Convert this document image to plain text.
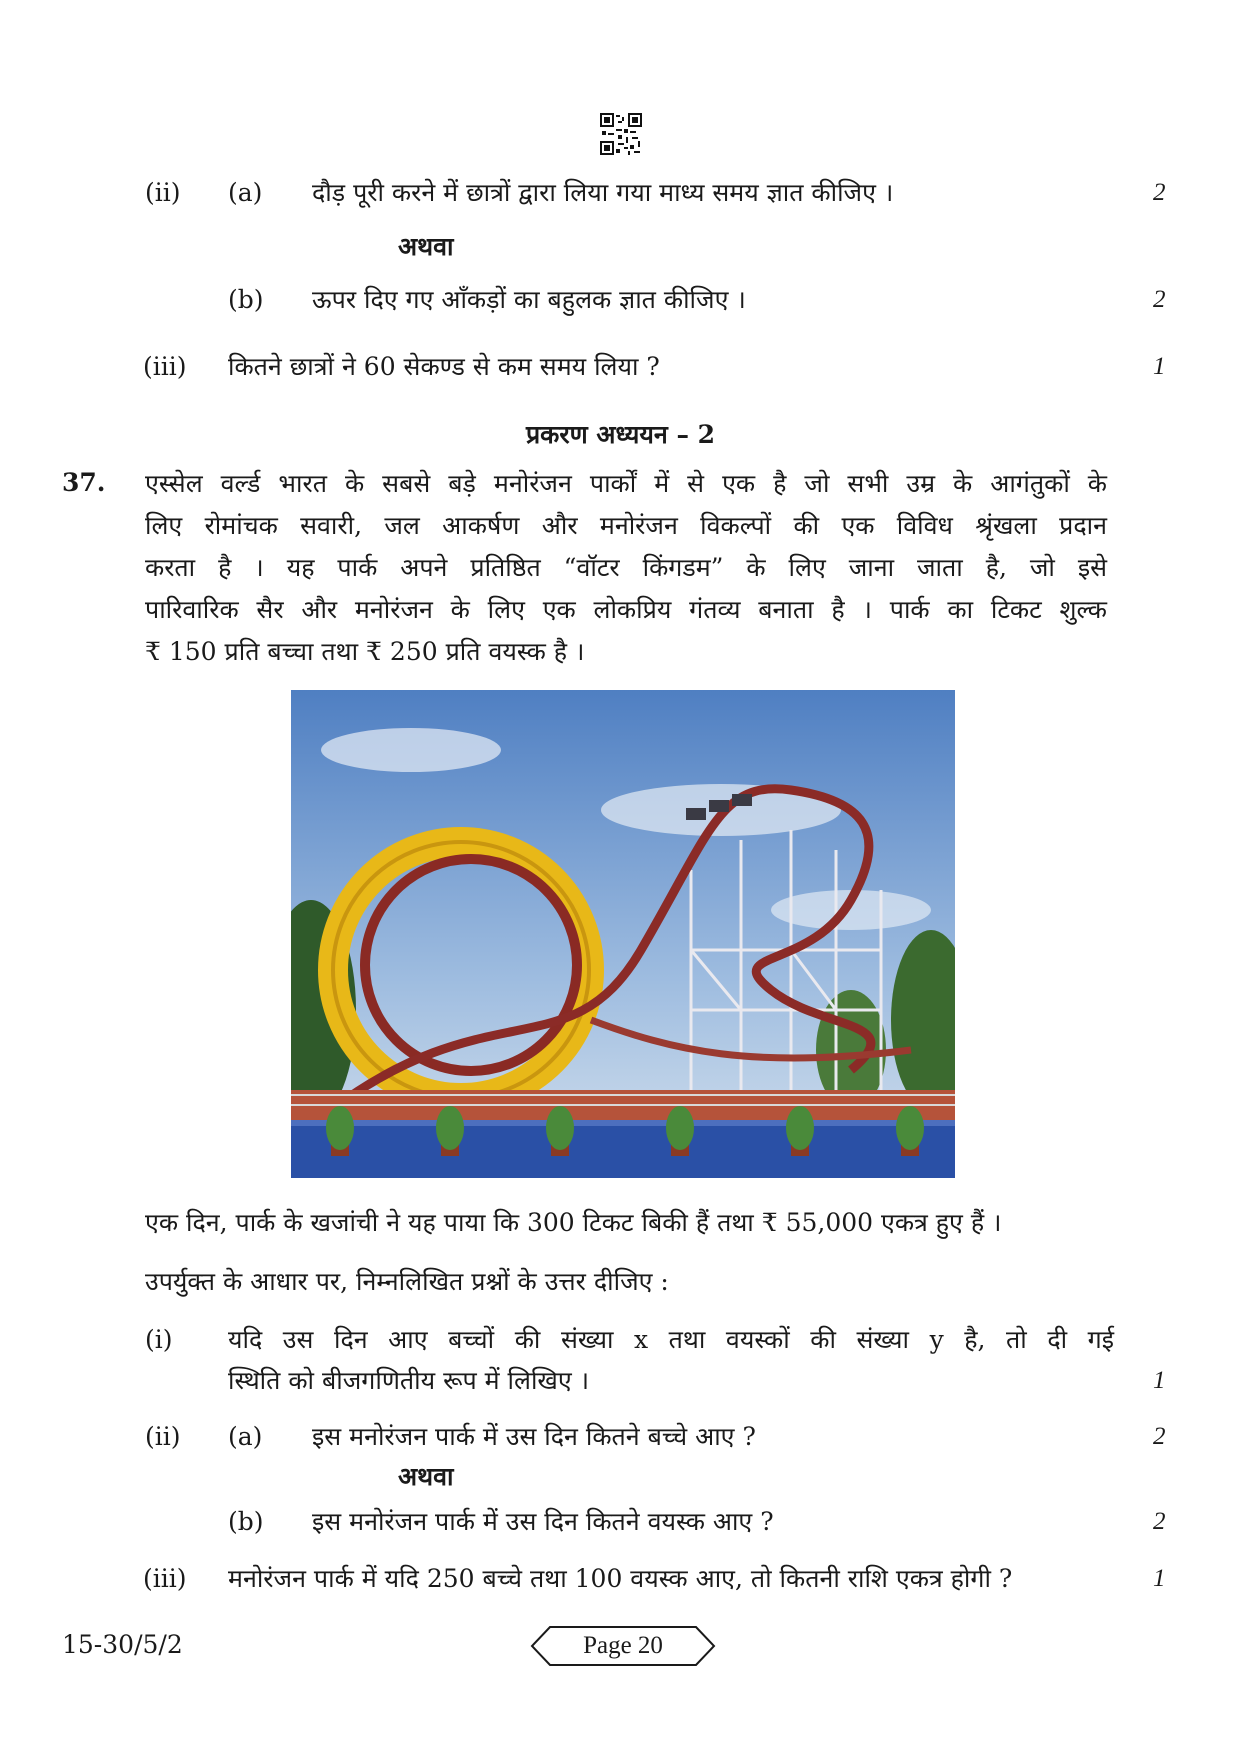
(ii) (a) दौड़ पूरी करने में छात्रों द्वारा लिया गया माध्य समय ज्ञात कीजिए ।	2
अथवा
(b) ऊपर दिए गए आँकड़ों का बहुलक ज्ञात कीजिए ।	2
(iii) कितने छात्रों ने 60 सेकण्ड से कम समय लिया ?	1
प्रकरण अध्ययन – 2
37. एस्सेल वर्ल्ड भारत के सबसे बड़े मनोरंजन पार्कों में से एक है जो सभी उम्र के आगंतुकों के
लिए रोमांचक सवारी, जल आकर्षण और मनोरंजन विकल्पों की एक विविध श्रृंखला प्रदान
करता है । यह पार्क अपने प्रतिष्ठित “वॉटर किंगडम” के लिए जाना जाता है, जो इसे
पारिवारिक सैर और मनोरंजन के लिए एक लोकप्रिय गंतव्य बनाता है । पार्क का टिकट शुल्क
₹ 150 प्रति बच्चा तथा ₹ 250 प्रति वयस्क है ।
एक दिन, पार्क के खजांची ने यह पाया कि 300 टिकट बिकी हैं तथा ₹ 55,000 एकत्र हुए हैं ।
उपर्युक्त के आधार पर, निम्नलिखित प्रश्नों के उत्तर दीजिए :
(i) यदि उस दिन आए बच्चों की संख्या x तथा वयस्कों की संख्या y है, तो दी गई
स्थिति को बीजगणितीय रूप में लिखिए ।	1
(ii) (a) इस मनोरंजन पार्क में उस दिन कितने बच्चे आए ?	2
अथवा
(b) इस मनोरंजन पार्क में उस दिन कितने वयस्क आए ?	2
(iii) मनोरंजन पार्क में यदि 250 बच्चे तथा 100 वयस्क आए, तो कितनी राशि एकत्र होगी ?	1
15-30/5/2	Page 20
